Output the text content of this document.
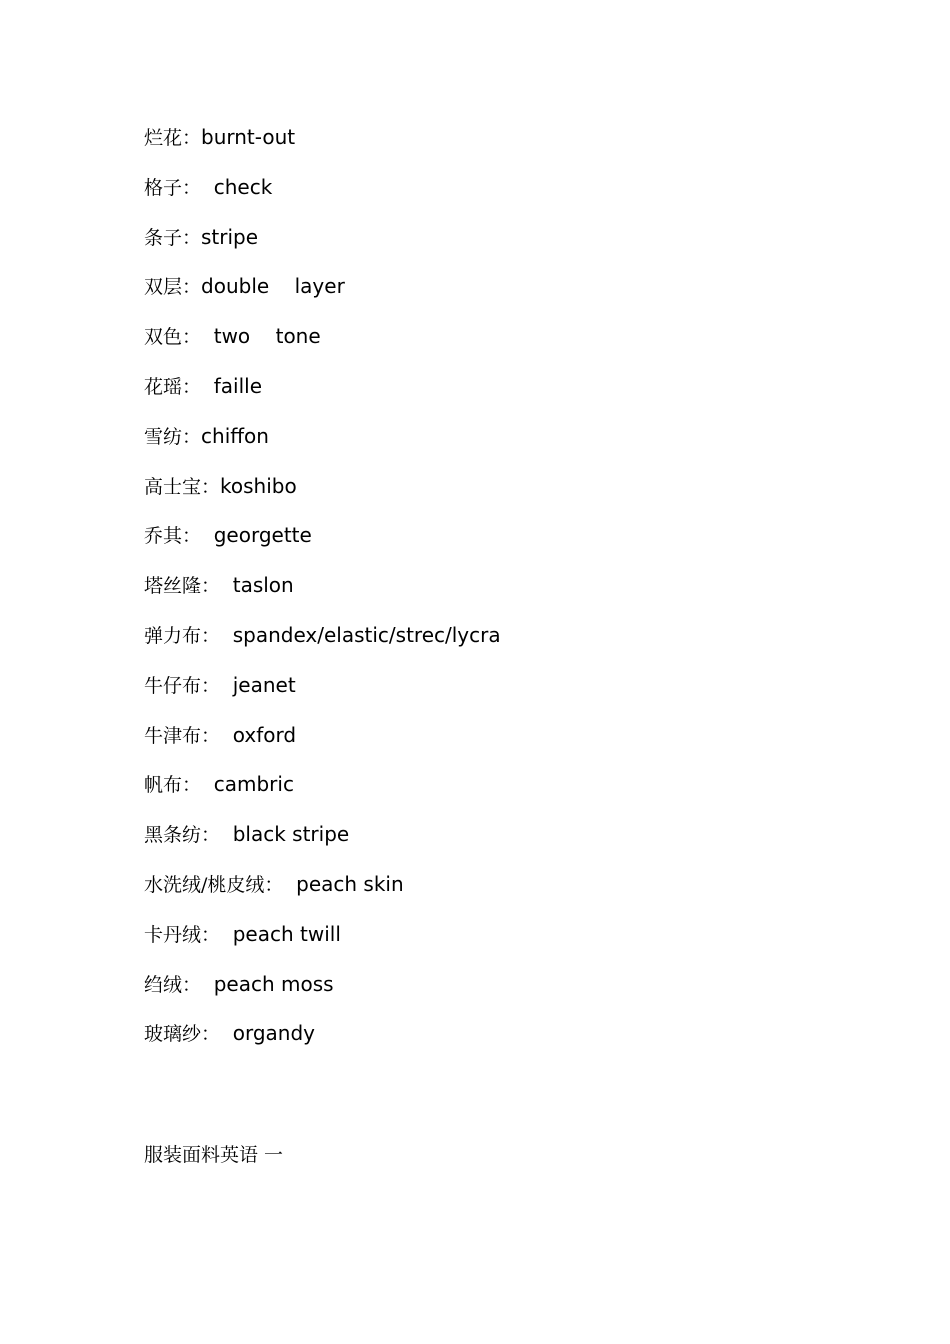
烂花：burnt-out
格子：  check
条子：stripe
双层：double    layer
双色：  two    tone
花瑶：  faille
雪纺：chiffon
高士宝：koshibo
乔其：  georgette
塔丝隆：  taslon
弹力布：  spandex/elastic/strec/lycra
牛仔布：  jeanet
牛津布：  oxford
帆布：  cambric
黑条纺：  black stripe
水洗绒/桃皮绒：  peach skin
卡丹绒：  peach twill
绉绒：  peach moss
玻璃纱：  organdy
服装面料英语 一
